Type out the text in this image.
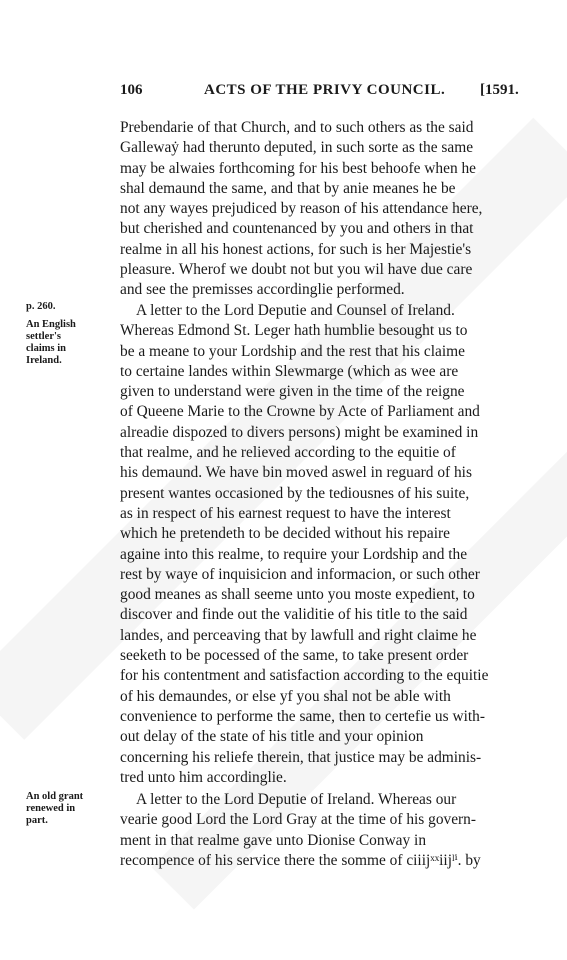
106	ACTS OF THE PRIVY COUNCIL. [1591.
p. 260.
An English
settler's
claims in
Ireland.
An old grant
renewed in
part.

Prebendarie of that Church, and to such others as the said
Gallewaẏ had therunto deputed, in such sorte as the same
may be alwaies forthcoming for his best behoofe when he
shal demaund the same, and that by anie meanes he be
not any wayes prejudiced by reason of his attendance here,
but cherished and countenanced by you and others in that
realme in all his honest actions, for such is her Majestie's
pleasure. Wherof we doubt not but you wil have due care
and see the premisses accordinglie performed.

A letter to the Lord Deputie and Counsel of Ireland.
Whereas Edmond St. Leger hath humblie besought us to
be a meane to your Lordship and the rest that his claime
to certaine landes within Slewmarge (which as wee are
given to understand were given in the time of the reigne
of Queene Marie to the Crowne by Acte of Parliament and
alreadie dispozed to divers persons) might be examined in
that realme, and he relieved according to the equitie of
his demaund. We have bin moved aswel in reguard of his
present wantes occasioned by the tediousnes of his suite,
as in respect of his earnest request to have the interest
which he pretendeth to be decided without his repaire
againe into this realme, to require your Lordship and the
rest by waye of inquisicion and informacion, or such other
good meanes as shall seeme unto you moste expedient, to
discover and finde out the validitie of his title to the said
landes, and perceaving that by lawfull and right claime he
seeketh to be pocessed of the same, to take present order
for his contentment and satisfaction according to the equitie
of his demaundes, or else yf you shal not be able with
convenience to performe the same, then to certefie us with-
out delay of the state of his title and your opinion
concerning his reliefe therein, that justice may be adminis-
tred unto him accordinglie.

A letter to the Lord Deputie of Ireland. Whereas our
vearie good Lord the Lord Gray at the time of his govern-
ment in that realme gave unto Dionise Conway in
recompence of his service there the somme of ciiijˣˣiijˡⁱ. by
